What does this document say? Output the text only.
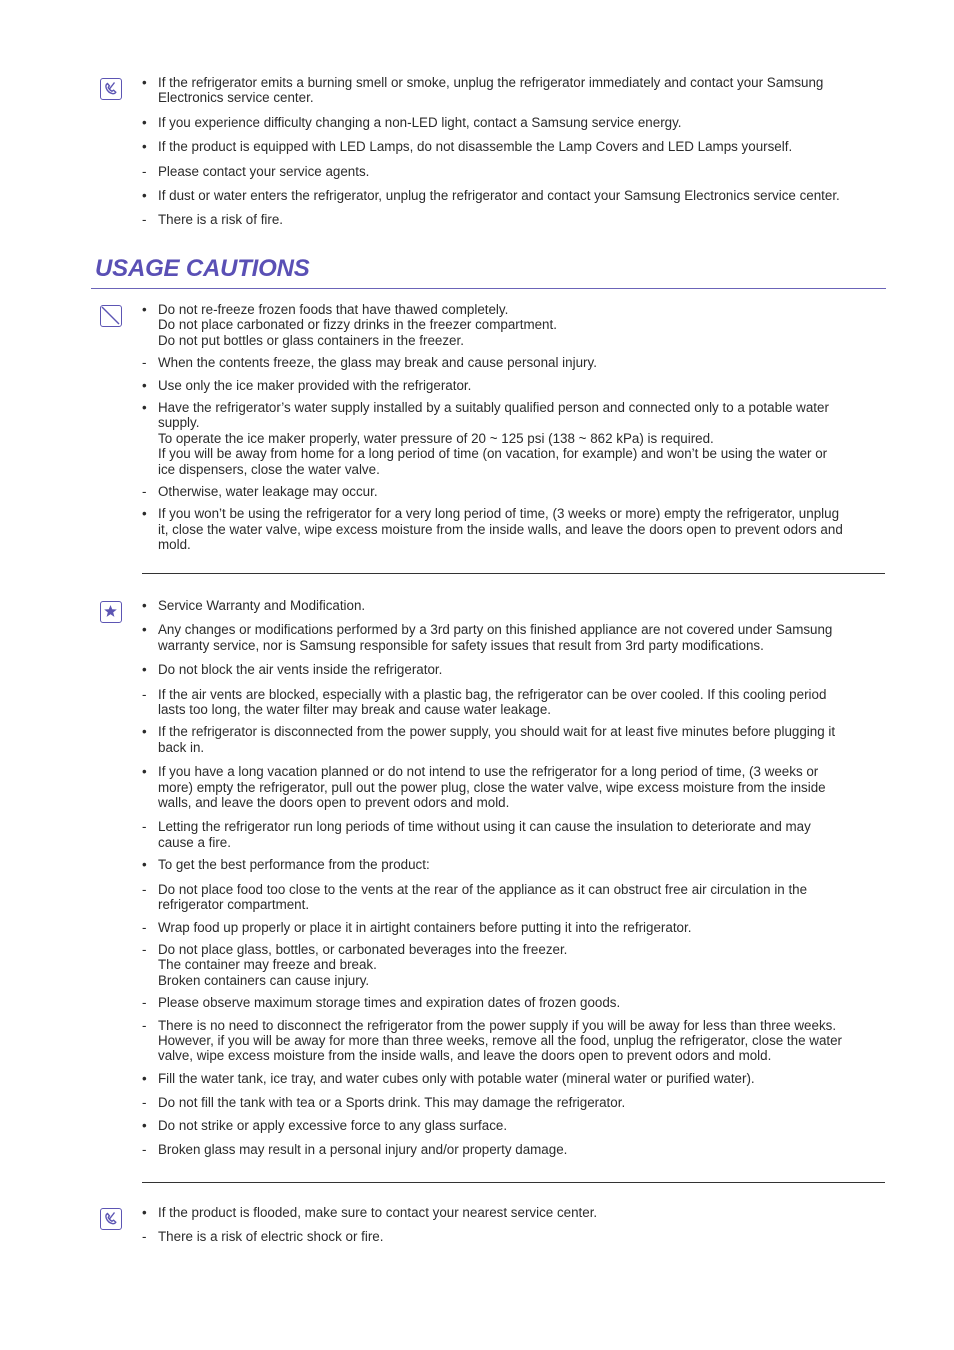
• If the refrigerator emits a burning smell or smoke, unplug the refrigerator immediately and contact your Samsung
Electronics service center.
• If you experience difficulty changing a non-LED light, contact a Samsung service energy.
• If the product is equipped with LED Lamps, do not disassemble the Lamp Covers and LED Lamps yourself.
- Please contact your service agents.
• If dust or water enters the refrigerator, unplug the refrigerator and contact your Samsung Electronics service center.
- There is a risk of fire.
USAGE CAUTIONS
• Do not re-freeze frozen foods that have thawed completely.
Do not place carbonated or fizzy drinks in the freezer compartment.
Do not put bottles or glass containers in the freezer.
- When the contents freeze, the glass may break and cause personal injury.
• Use only the ice maker provided with the refrigerator.
• Have the refrigerator’s water supply installed by a suitably qualified person and connected only to a potable water
supply.
To operate the ice maker properly, water pressure of 20 ~ 125 psi (138 ~ 862 kPa) is required.
If you will be away from home for a long period of time (on vacation, for example) and won’t be using the water or
ice dispensers, close the water valve.
- Otherwise, water leakage may occur.
• If you won’t be using the refrigerator for a very long period of time, (3 weeks or more) empty the refrigerator, unplug
it, close the water valve, wipe excess moisture from the inside walls, and leave the doors open to prevent odors and
mold.
• Service Warranty and Modification.
• Any changes or modifications performed by a 3rd party on this finished appliance are not covered under Samsung
warranty service, nor is Samsung responsible for safety issues that result from 3rd party modifications.
• Do not block the air vents inside the refrigerator.
- If the air vents are blocked, especially with a plastic bag, the refrigerator can be over cooled. If this cooling period
lasts too long, the water filter may break and cause water leakage.
• If the refrigerator is disconnected from the power supply, you should wait for at least five minutes before plugging it
back in.
• If you have a long vacation planned or do not intend to use the refrigerator for a long period of time, (3 weeks or
more) empty the refrigerator, pull out the power plug, close the water valve, wipe excess moisture from the inside
walls, and leave the doors open to prevent odors and mold.
- Letting the refrigerator run long periods of time without using it can cause the insulation to deteriorate and may
cause a fire.
• To get the best performance from the product:
- Do not place food too close to the vents at the rear of the appliance as it can obstruct free air circulation in the
refrigerator compartment.
- Wrap food up properly or place it in airtight containers before putting it into the refrigerator.
- Do not place glass, bottles, or carbonated beverages into the freezer.
The container may freeze and break.
Broken containers can cause injury.
- Please observe maximum storage times and expiration dates of frozen goods.
- There is no need to disconnect the refrigerator from the power supply if you will be away for less than three weeks.
However, if you will be away for more than three weeks, remove all the food, unplug the refrigerator, close the water
valve, wipe excess moisture from the inside walls, and leave the doors open to prevent odors and mold.
• Fill the water tank, ice tray, and water cubes only with potable water (mineral water or purified water).
- Do not fill the tank with tea or a Sports drink. This may damage the refrigerator.
• Do not strike or apply excessive force to any glass surface.
- Broken glass may result in a personal injury and/or property damage.
• If the product is flooded, make sure to contact your nearest service center.
- There is a risk of electric shock or fire.
